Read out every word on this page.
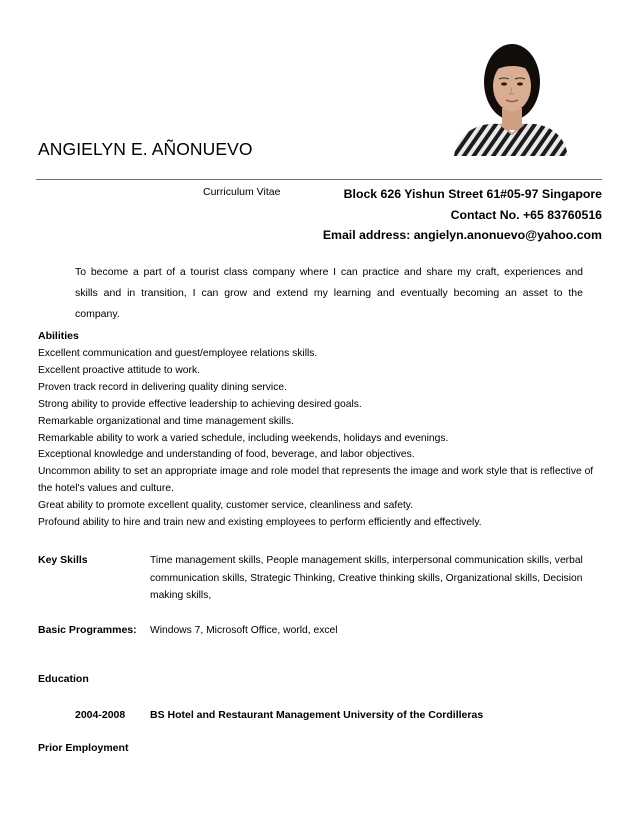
ANGIELYN E. AÑONUEVO
Curriculum Vitae	Block 626 Yishun Street 61#05-97 Singapore
Contact No. +65 83760516
Email address: angielyn.anonuevo@yahoo.com

To become a part of a tourist class company where I can practice and share my craft, experiences and skills and in transition, I can grow and extend my learning and eventually becoming an asset to the company.

Abilities
Excellent communication and guest/employee relations skills.
Excellent proactive attitude to work.
Proven track record in delivering quality dining service.
Strong ability to provide effective leadership to achieving desired goals.
Remarkable organizational and time management skills.
Remarkable ability to work a varied schedule, including weekends, holidays and evenings.
Exceptional knowledge and understanding of food, beverage, and labor objectives.
Uncommon ability to set an appropriate image and role model that represents the image and work style that is reflective of the hotel's values and culture.
Great ability to promote excellent quality, customer service, cleanliness and safety.
Profound ability to hire and train new and existing employees to perform efficiently and effectively.
Key Skills	Time management skills, People management skills, interpersonal communication skills, verbal communication skills, Strategic Thinking, Creative thinking skills, Organizational skills, Decision making skills,
Basic Programmes: Windows 7, Microsoft Office, world, excel
Education
2004-2008 BS Hotel and Restaurant Management University of the Cordilleras
Prior Employment
